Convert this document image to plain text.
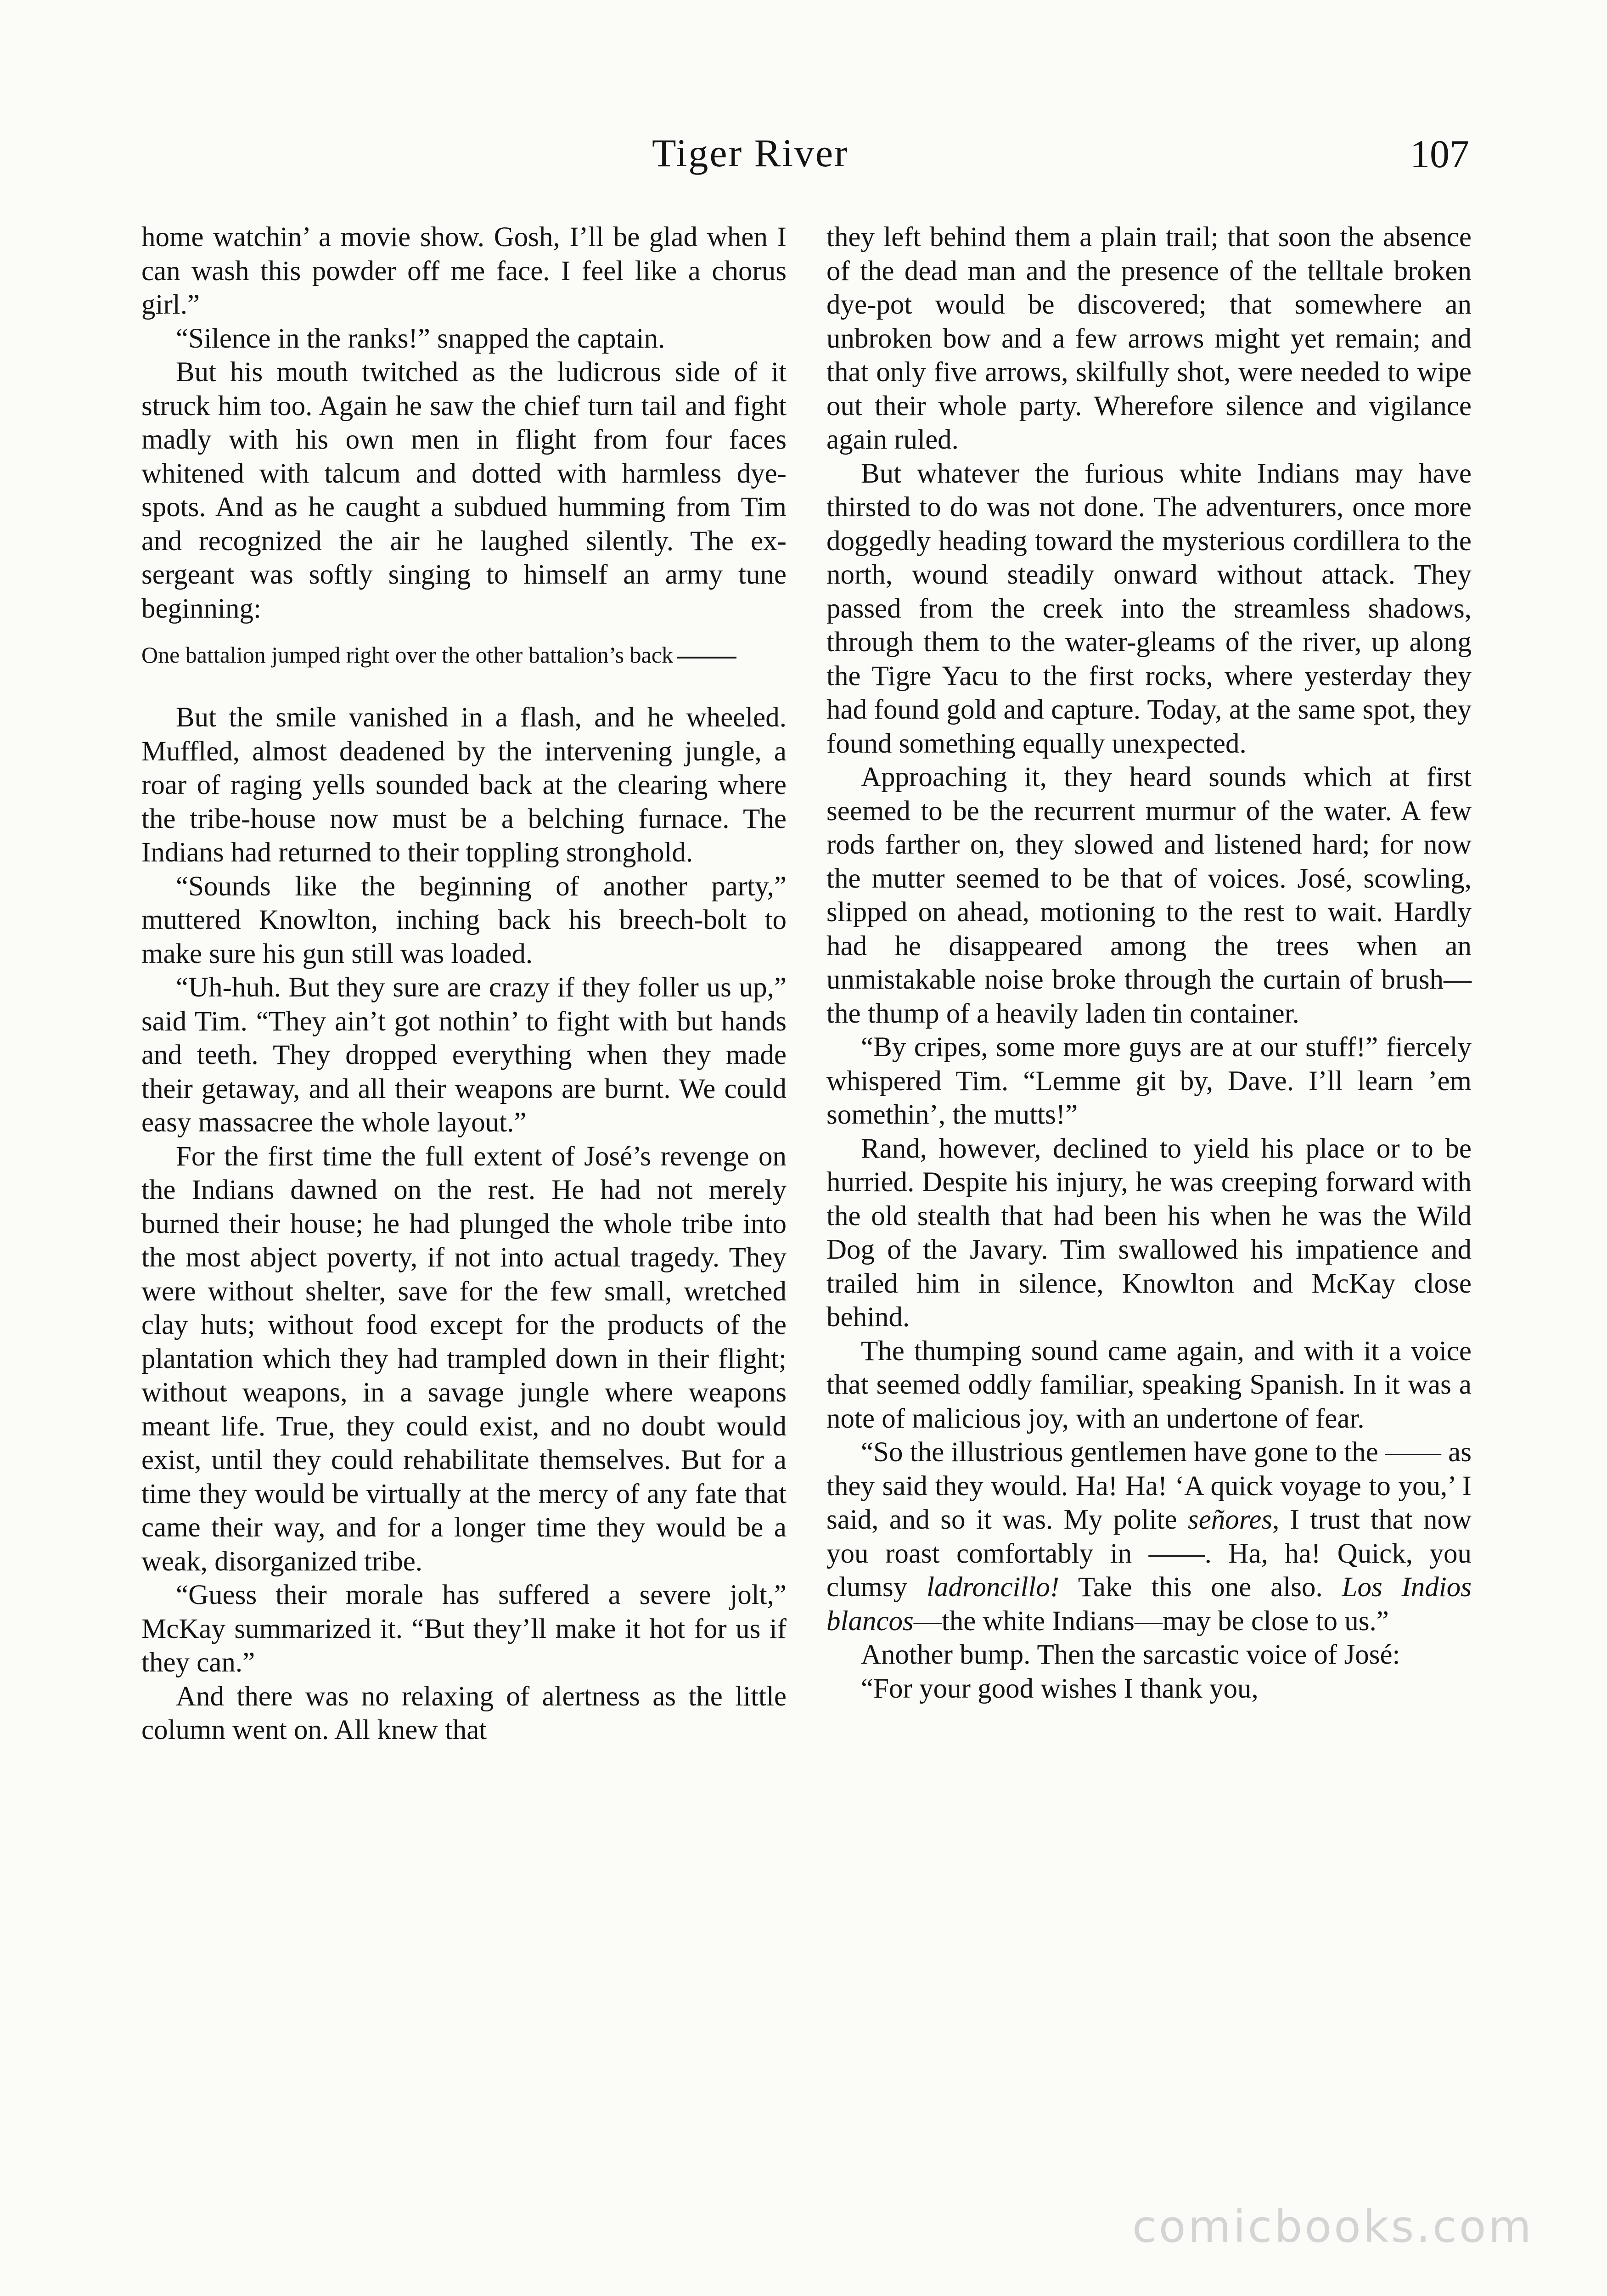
Tiger River	107

home watchin’ a movie show. Gosh, I’ll be glad when I can wash this powder off me face. I feel like a chorus girl.”

“Silence in the ranks!” snapped the captain.

But his mouth twitched as the ludicrous side of it struck him too. Again he saw the chief turn tail and fight madly with his own men in flight from four faces whitened with talcum and dotted with harmless dye-spots. And as he caught a subdued humming from Tim and recognized the air he laughed silently. The ex-sergeant was softly singing to himself an army tune beginning:

One battalion jumped right over the other battalion’s back

But the smile vanished in a flash, and he wheeled. Muffled, almost deadened by the intervening jungle, a roar of raging yells sounded back at the clearing where the tribe-house now must be a belching furnace. The Indians had returned to their toppling stronghold.

“Sounds like the beginning of another party,” muttered Knowlton, inching back his breech-bolt to make sure his gun still was loaded.

“Uh-huh. But they sure are crazy if they foller us up,” said Tim. “They ain’t got nothin’ to fight with but hands and teeth. They dropped everything when they made their getaway, and all their weapons are burnt. We could easy massacree the whole layout.”

For the first time the full extent of José’s revenge on the Indians dawned on the rest. He had not merely burned their house; he had plunged the whole tribe into the most abject poverty, if not into actual tragedy. They were without shelter, save for the few small, wretched clay huts; without food except for the products of the plantation which they had trampled down in their flight; without weapons, in a savage jungle where weapons meant life. True, they could exist, and no doubt would exist, until they could rehabilitate themselves. But for a time they would be virtually at the mercy of any fate that came their way, and for a longer time they would be a weak, disorganized tribe.

“Guess their morale has suffered a severe jolt,” McKay summarized it. “But they’ll make it hot for us if they can.”

And there was no relaxing of alertness as the little column went on. All knew that

they left behind them a plain trail; that soon the absence of the dead man and the presence of the telltale broken dye-pot would be discovered; that somewhere an unbroken bow and a few arrows might yet remain; and that only five arrows, skilfully shot, were needed to wipe out their whole party. Wherefore silence and vigilance again ruled.

But whatever the furious white Indians may have thirsted to do was not done. The adventurers, once more doggedly heading toward the mysterious cordillera to the north, wound steadily onward without attack. They passed from the creek into the streamless shadows, through them to the water-gleams of the river, up along the Tigre Yacu to the first rocks, where yesterday they had found gold and capture. Today, at the same spot, they found something equally unexpected.

Approaching it, they heard sounds which at first seemed to be the recurrent murmur of the water. A few rods farther on, they slowed and listened hard; for now the mutter seemed to be that of voices. José, scowling, slipped on ahead, motioning to the rest to wait. Hardly had he disappeared among the trees when an unmistakable noise broke through the curtain of brush—the thump of a heavily laden tin container.

“By cripes, some more guys are at our stuff!” fiercely whispered Tim. “Lemme git by, Dave. I’ll learn ’em somethin’, the mutts!”

Rand, however, declined to yield his place or to be hurried. Despite his injury, he was creeping forward with the old stealth that had been his when he was the Wild Dog of the Javary. Tim swallowed his impatience and trailed him in silence, Knowlton and McKay close behind.

The thumping sound came again, and with it a voice that seemed oddly familiar, speaking Spanish. In it was a note of malicious joy, with an undertone of fear.

“So the illustrious gentlemen have gone to the —— as they said they would. Ha! Ha! ‘A quick voyage to you,’ I said, and so it was. My polite señores, I trust that now you roast comfortably in ——. Ha, ha! Quick, you clumsy ladroncillo! Take this one also. Los Indios blancos—the white Indians—may be close to us.”

Another bump. Then the sarcastic voice of José:

“For your good wishes I thank you,

comicbooks.com
